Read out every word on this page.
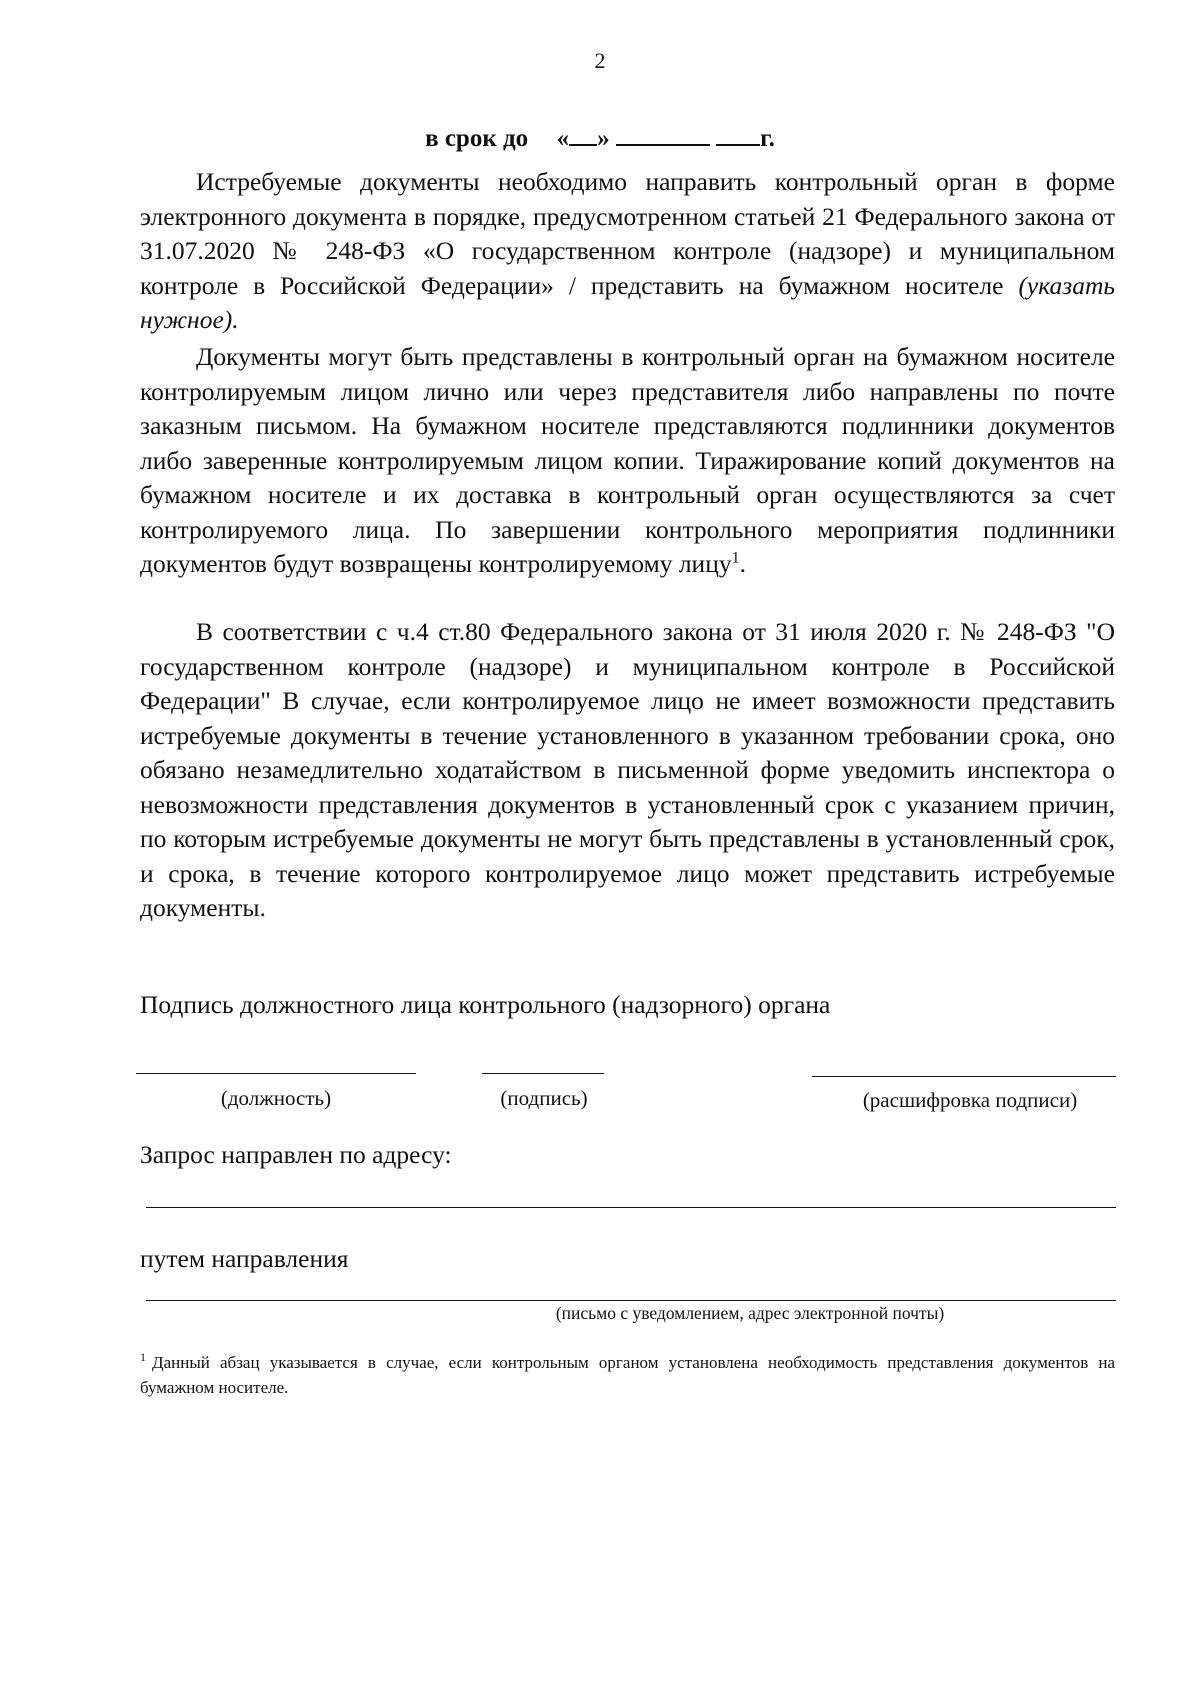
2
в срок до « »	г.

Истребуемые документы необходимо направить контрольный орган в форме электронного документа в порядке, предусмотренном статьей 21 Федерального закона от 31.07.2020 № 248-ФЗ «О государственном контроле (надзоре) и муниципальном контроле в Российской Федерации» / представить на бумажном носителе (указать нужное).

Документы могут быть представлены в контрольный орган на бумажном носителе контролируемым лицом лично или через представителя либо направлены по почте заказным письмом. На бумажном носителе представляются подлинники документов либо заверенные контролируемым лицом копии. Тиражирование копий документов на бумажном носителе и их доставка в контрольный орган осуществляются за счет контролируемого лица. По завершении контрольного мероприятия подлинники документов будут возвращены контролируемому лицу$^1$.

В соответствии с ч.4 ст.80 Федерального закона от 31 июля 2020 г. № 248-ФЗ "О государственном контроле (надзоре) и муниципальном контроле в Российской Федерации" В случае, если контролируемое лицо не имеет возможности представить истребуемые документы в течение установленного в указанном требовании срока, оно обязано незамедлительно ходатайством в письменной форме уведомить инспектора о невозможности представления документов в установленный срок с указанием причин, по которым истребуемые документы не могут быть представлены в установленный срок, и срока, в течение которого контролируемое лицо может представить истребуемые документы.

Подпись должностного лица контрольного (надзорного) органа
(должность)	(подпись)	(расшифровка подписи)
Запрос направлен по адресу:
путем направления
(письмо с уведомлением, адрес электронной почты)
$^1$ Данный абзац указывается в случае, если контрольным органом установлена необходимость представления документов на бумажном носителе.
